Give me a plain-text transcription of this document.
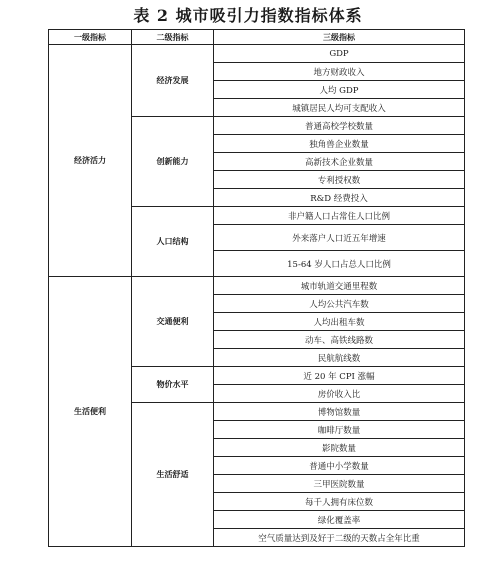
表 2 城市吸引力指数指标体系
一级指标	二级指标	三级指标
经济活力	经济发展	GDP
		地方财政收入
		人均 GDP
		城镇居民人均可支配收入
	创新能力	普通高校学校数量
		独角兽企业数量
		高新技术企业数量
		专利授权数
		R&D 经费投入
	人口结构	非户籍人口占常住人口比例
		外来落户人口近五年增速
		15-64 岁人口占总人口比例
生活便利	交通便利	城市轨道交通里程数
		人均公共汽车数
		人均出租车数
		动车、高铁线路数
		民航航线数
	物价水平	近 20 年 CPI 涨幅
		房价收入比
	生活舒适	博物馆数量
		咖啡厅数量
		影院数量
		普通中小学数量
		三甲医院数量
		每千人拥有床位数
		绿化覆盖率
		空气质量达到及好于二级的天数占全年比重
